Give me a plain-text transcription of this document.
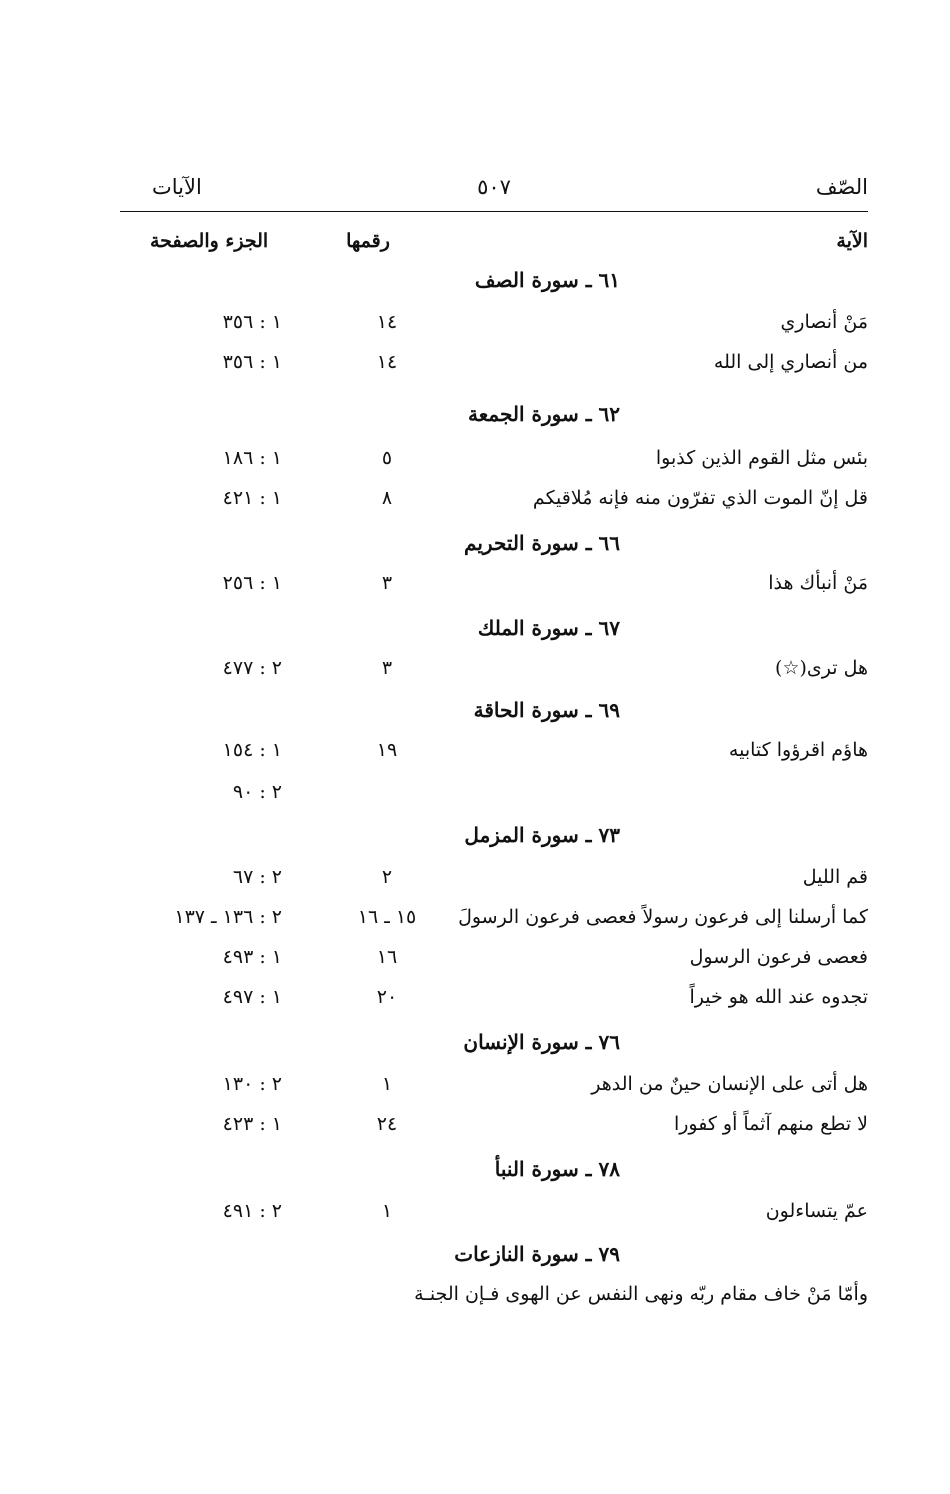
الصّف
٥٠٧
الآيات
الآية
رقمها
الجزء والصفحة
٦١ ـ سورة الصف
مَنْ أنصاري
١٤
١ : ٣٥٦
من أنصاري إلى الله
١٤
١ : ٣٥٦
٦٢ ـ سورة الجمعة
بئس مثل القوم الذين كذبوا
٥
١ : ١٨٦
قل إنّ الموت الذي تفرّون منه فإنه مُلاقيكم
٨
١ : ٤٢١
٦٦ ـ سورة التحريم
مَنْ أنبأك هذا
٣
١ : ٢٥٦
٦٧ ـ سورة الملك
هل ترى(☆)
٣
٢ : ٤٧٧
٦٩ ـ سورة الحاقة
هاؤم اقرؤوا كتابيه
١٩
١ : ١٥٤
٢ : ٩٠
٧٣ ـ سورة المزمل
قم الليل
٢
٢ : ٦٧
كما أرسلنا إلى فرعون رسولاً فعصى فرعون الرسولَ
١٥ ـ ١٦
٢ : ١٣٦ ـ ١٣٧
فعصى فرعون الرسول
١٦
١ : ٤٩٣
تجدوه عند الله هو خيراً
٢٠
١ : ٤٩٧
٧٦ ـ سورة الإنسان
هل أتى على الإنسان حينٌ من الدهر
١
٢ : ١٣٠
لا تطع منهم آثماً أو كفورا
٢٤
١ : ٤٢٣
٧٨ ـ سورة النبأ
عمّ يتساءلون
١
٢ : ٤٩١
٧٩ ـ سورة النازعات
وأمّا مَنْ خاف مقام ربّه ونهى النفس عن الهوى فـإن الجنـة
